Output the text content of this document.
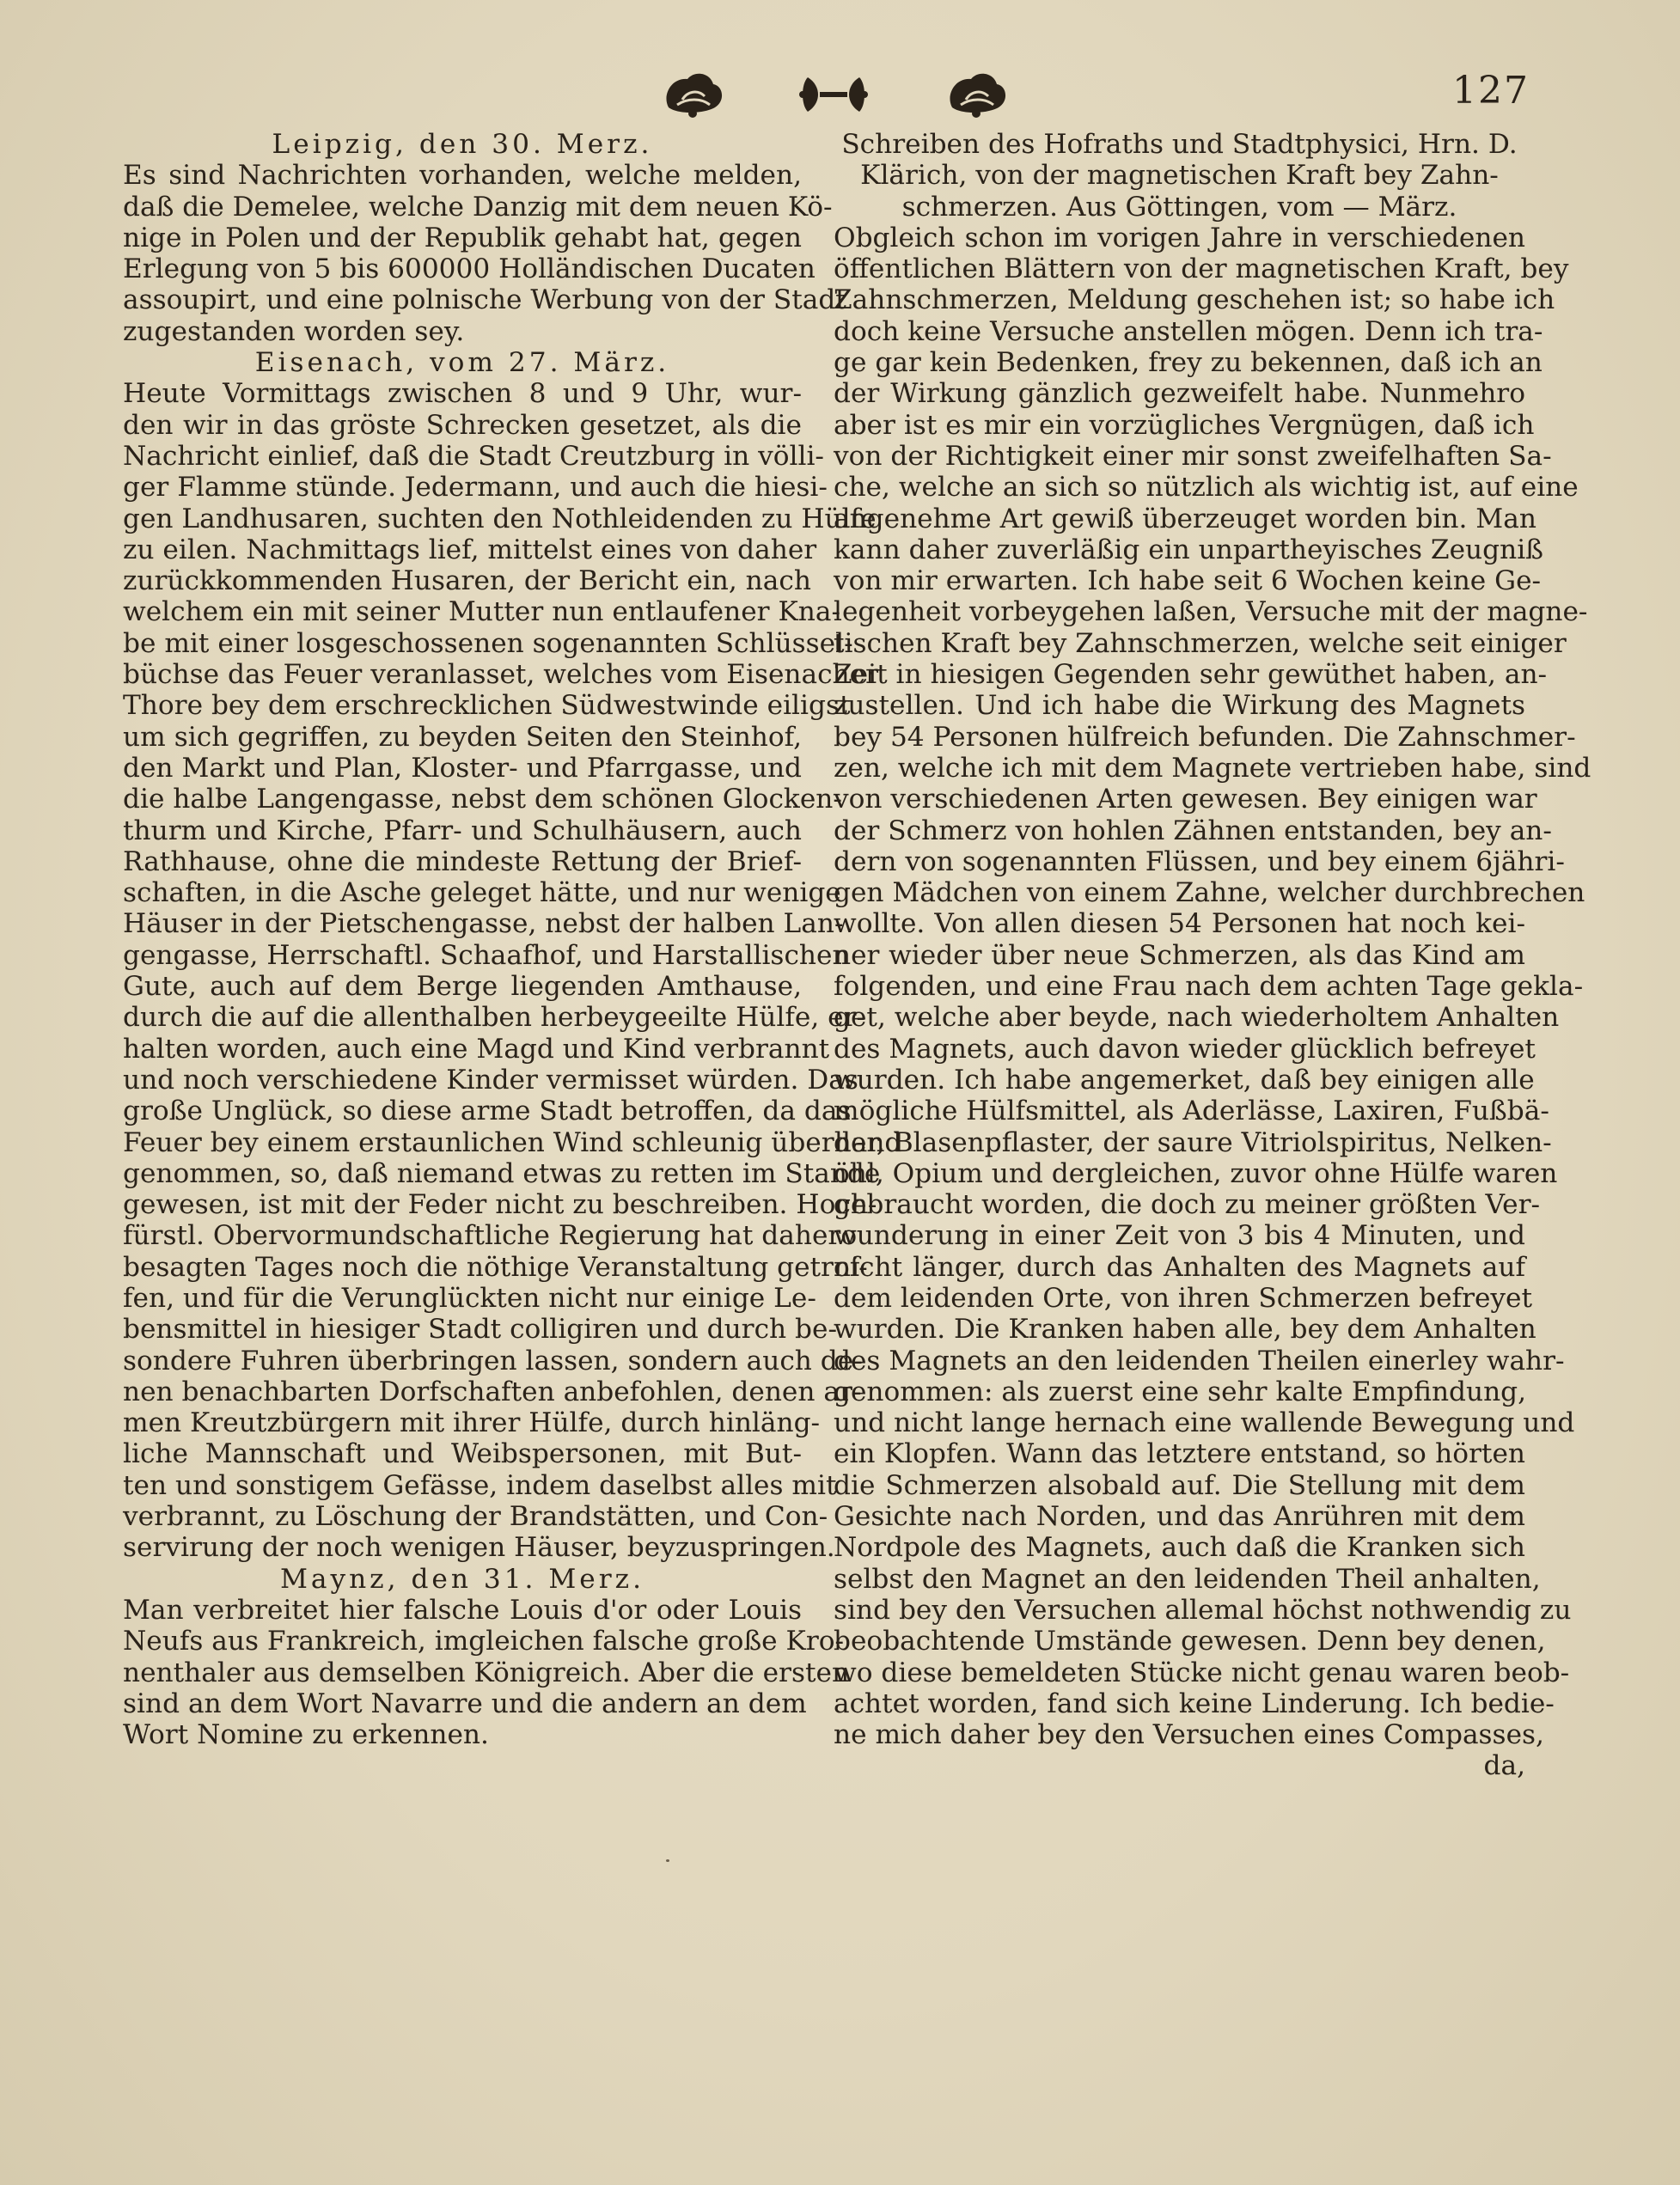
127
Leipzig, den 30. Merz.
Es sind Nachrichten vorhanden, welche melden,
daß die Demelee, welche Danzig mit dem neuen Kö-
nige in Polen und der Republik gehabt hat, gegen
Erlegung von 5 bis 600000 Holländischen Ducaten
assoupirt, und eine polnische Werbung von der Stadt
zugestanden worden sey.
Eisenach, vom 27. März.
Heute Vormittags zwischen 8 und 9 Uhr, wur-
den wir in das gröste Schrecken gesetzet, als die
Nachricht einlief, daß die Stadt Creutzburg in völli-
ger Flamme stünde. Jedermann, und auch die hiesi-
gen Landhusaren, suchten den Nothleidenden zu Hülfe
zu eilen. Nachmittags lief, mittelst eines von daher
zurückkommenden Husaren, der Bericht ein, nach
welchem ein mit seiner Mutter nun entlaufener Kna-
be mit einer losgeschossenen sogenannten Schlüssel-
büchse das Feuer veranlasset, welches vom Eisenacher
Thore bey dem erschrecklichen Südwestwinde eiligst
um sich gegriffen, zu beyden Seiten den Steinhof,
den Markt und Plan, Kloster- und Pfarrgasse, und
die halbe Langengasse, nebst dem schönen Glocken-
thurm und Kirche, Pfarr- und Schulhäusern, auch
Rathhause, ohne die mindeste Rettung der Brief-
schaften, in die Asche geleget hätte, und nur wenige
Häuser in der Pietschengasse, nebst der halben Lan-
gengasse, Herrschaftl. Schaafhof, und Harstallischen
Gute, auch auf dem Berge liegenden Amthause,
durch die auf die allenthalben herbeygeeilte Hülfe, er-
halten worden, auch eine Magd und Kind verbrannt
und noch verschiedene Kinder vermisset würden. Das
große Unglück, so diese arme Stadt betroffen, da das
Feuer bey einem erstaunlichen Wind schleunig überhand
genommen, so, daß niemand etwas zu retten im Stande
gewesen, ist mit der Feder nicht zu beschreiben. Hoch-
fürstl. Obervormundschaftliche Regierung hat dahero
besagten Tages noch die nöthige Veranstaltung getrof-
fen, und für die Verunglückten nicht nur einige Le-
bensmittel in hiesiger Stadt colligiren und durch be-
sondere Fuhren überbringen lassen, sondern auch de-
nen benachbarten Dorfschaften anbefohlen, denen ar-
men Kreutzbürgern mit ihrer Hülfe, durch hinläng-
liche Mannschaft und Weibspersonen, mit But-
ten und sonstigem Gefässe, indem daselbst alles mit
verbrannt, zu Löschung der Brandstätten, und Con-
servirung der noch wenigen Häuser, beyzuspringen.
Maynz, den 31. Merz.
Man verbreitet hier falsche Louis d'or oder Louis
Neufs aus Frankreich, imgleichen falsche große Kro-
nenthaler aus demselben Königreich. Aber die ersten
sind an dem Wort Navarre und die andern an dem
Wort Nomine zu erkennen.
Schreiben des Hofraths und Stadtphysici, Hrn. D.
Klärich, von der magnetischen Kraft bey Zahn-
schmerzen. Aus Göttingen, vom — März.
Obgleich schon im vorigen Jahre in verschiedenen
öffentlichen Blättern von der magnetischen Kraft, bey
Zahnschmerzen, Meldung geschehen ist; so habe ich
doch keine Versuche anstellen mögen. Denn ich tra-
ge gar kein Bedenken, frey zu bekennen, daß ich an
der Wirkung gänzlich gezweifelt habe. Nunmehro
aber ist es mir ein vorzügliches Vergnügen, daß ich
von der Richtigkeit einer mir sonst zweifelhaften Sa-
che, welche an sich so nützlich als wichtig ist, auf eine
angenehme Art gewiß überzeuget worden bin. Man
kann daher zuverläßig ein unpartheyisches Zeugniß
von mir erwarten. Ich habe seit 6 Wochen keine Ge-
legenheit vorbeygehen laßen, Versuche mit der magne-
tischen Kraft bey Zahnschmerzen, welche seit einiger
Zeit in hiesigen Gegenden sehr gewüthet haben, an-
zustellen. Und ich habe die Wirkung des Magnets
bey 54 Personen hülfreich befunden. Die Zahnschmer-
zen, welche ich mit dem Magnete vertrieben habe, sind
von verschiedenen Arten gewesen. Bey einigen war
der Schmerz von hohlen Zähnen entstanden, bey an-
dern von sogenannten Flüssen, und bey einem 6jähri-
gen Mädchen von einem Zahne, welcher durchbrechen
wollte. Von allen diesen 54 Personen hat noch kei-
ner wieder über neue Schmerzen, als das Kind am
folgenden, und eine Frau nach dem achten Tage gekla-
get, welche aber beyde, nach wiederholtem Anhalten
des Magnets, auch davon wieder glücklich befreyet
wurden. Ich habe angemerket, daß bey einigen alle
mögliche Hülfsmittel, als Aderlässe, Laxiren, Fußbä-
der, Blasenpflaster, der saure Vitriolspiritus, Nelken-
öhl, Opium und dergleichen, zuvor ohne Hülfe waren
gebraucht worden, die doch zu meiner größten Ver-
wunderung in einer Zeit von 3 bis 4 Minuten, und
nicht länger, durch das Anhalten des Magnets auf
dem leidenden Orte, von ihren Schmerzen befreyet
wurden. Die Kranken haben alle, bey dem Anhalten
des Magnets an den leidenden Theilen einerley wahr-
genommen: als zuerst eine sehr kalte Empfindung,
und nicht lange hernach eine wallende Bewegung und
ein Klopfen. Wann das letztere entstand, so hörten
die Schmerzen alsobald auf. Die Stellung mit dem
Gesichte nach Norden, und das Anrühren mit dem
Nordpole des Magnets, auch daß die Kranken sich
selbst den Magnet an den leidenden Theil anhalten,
sind bey den Versuchen allemal höchst nothwendig zu
beobachtende Umstände gewesen. Denn bey denen,
wo diese bemeldeten Stücke nicht genau waren beob-
achtet worden, fand sich keine Linderung. Ich bedie-
ne mich daher bey den Versuchen eines Compasses,
da,
